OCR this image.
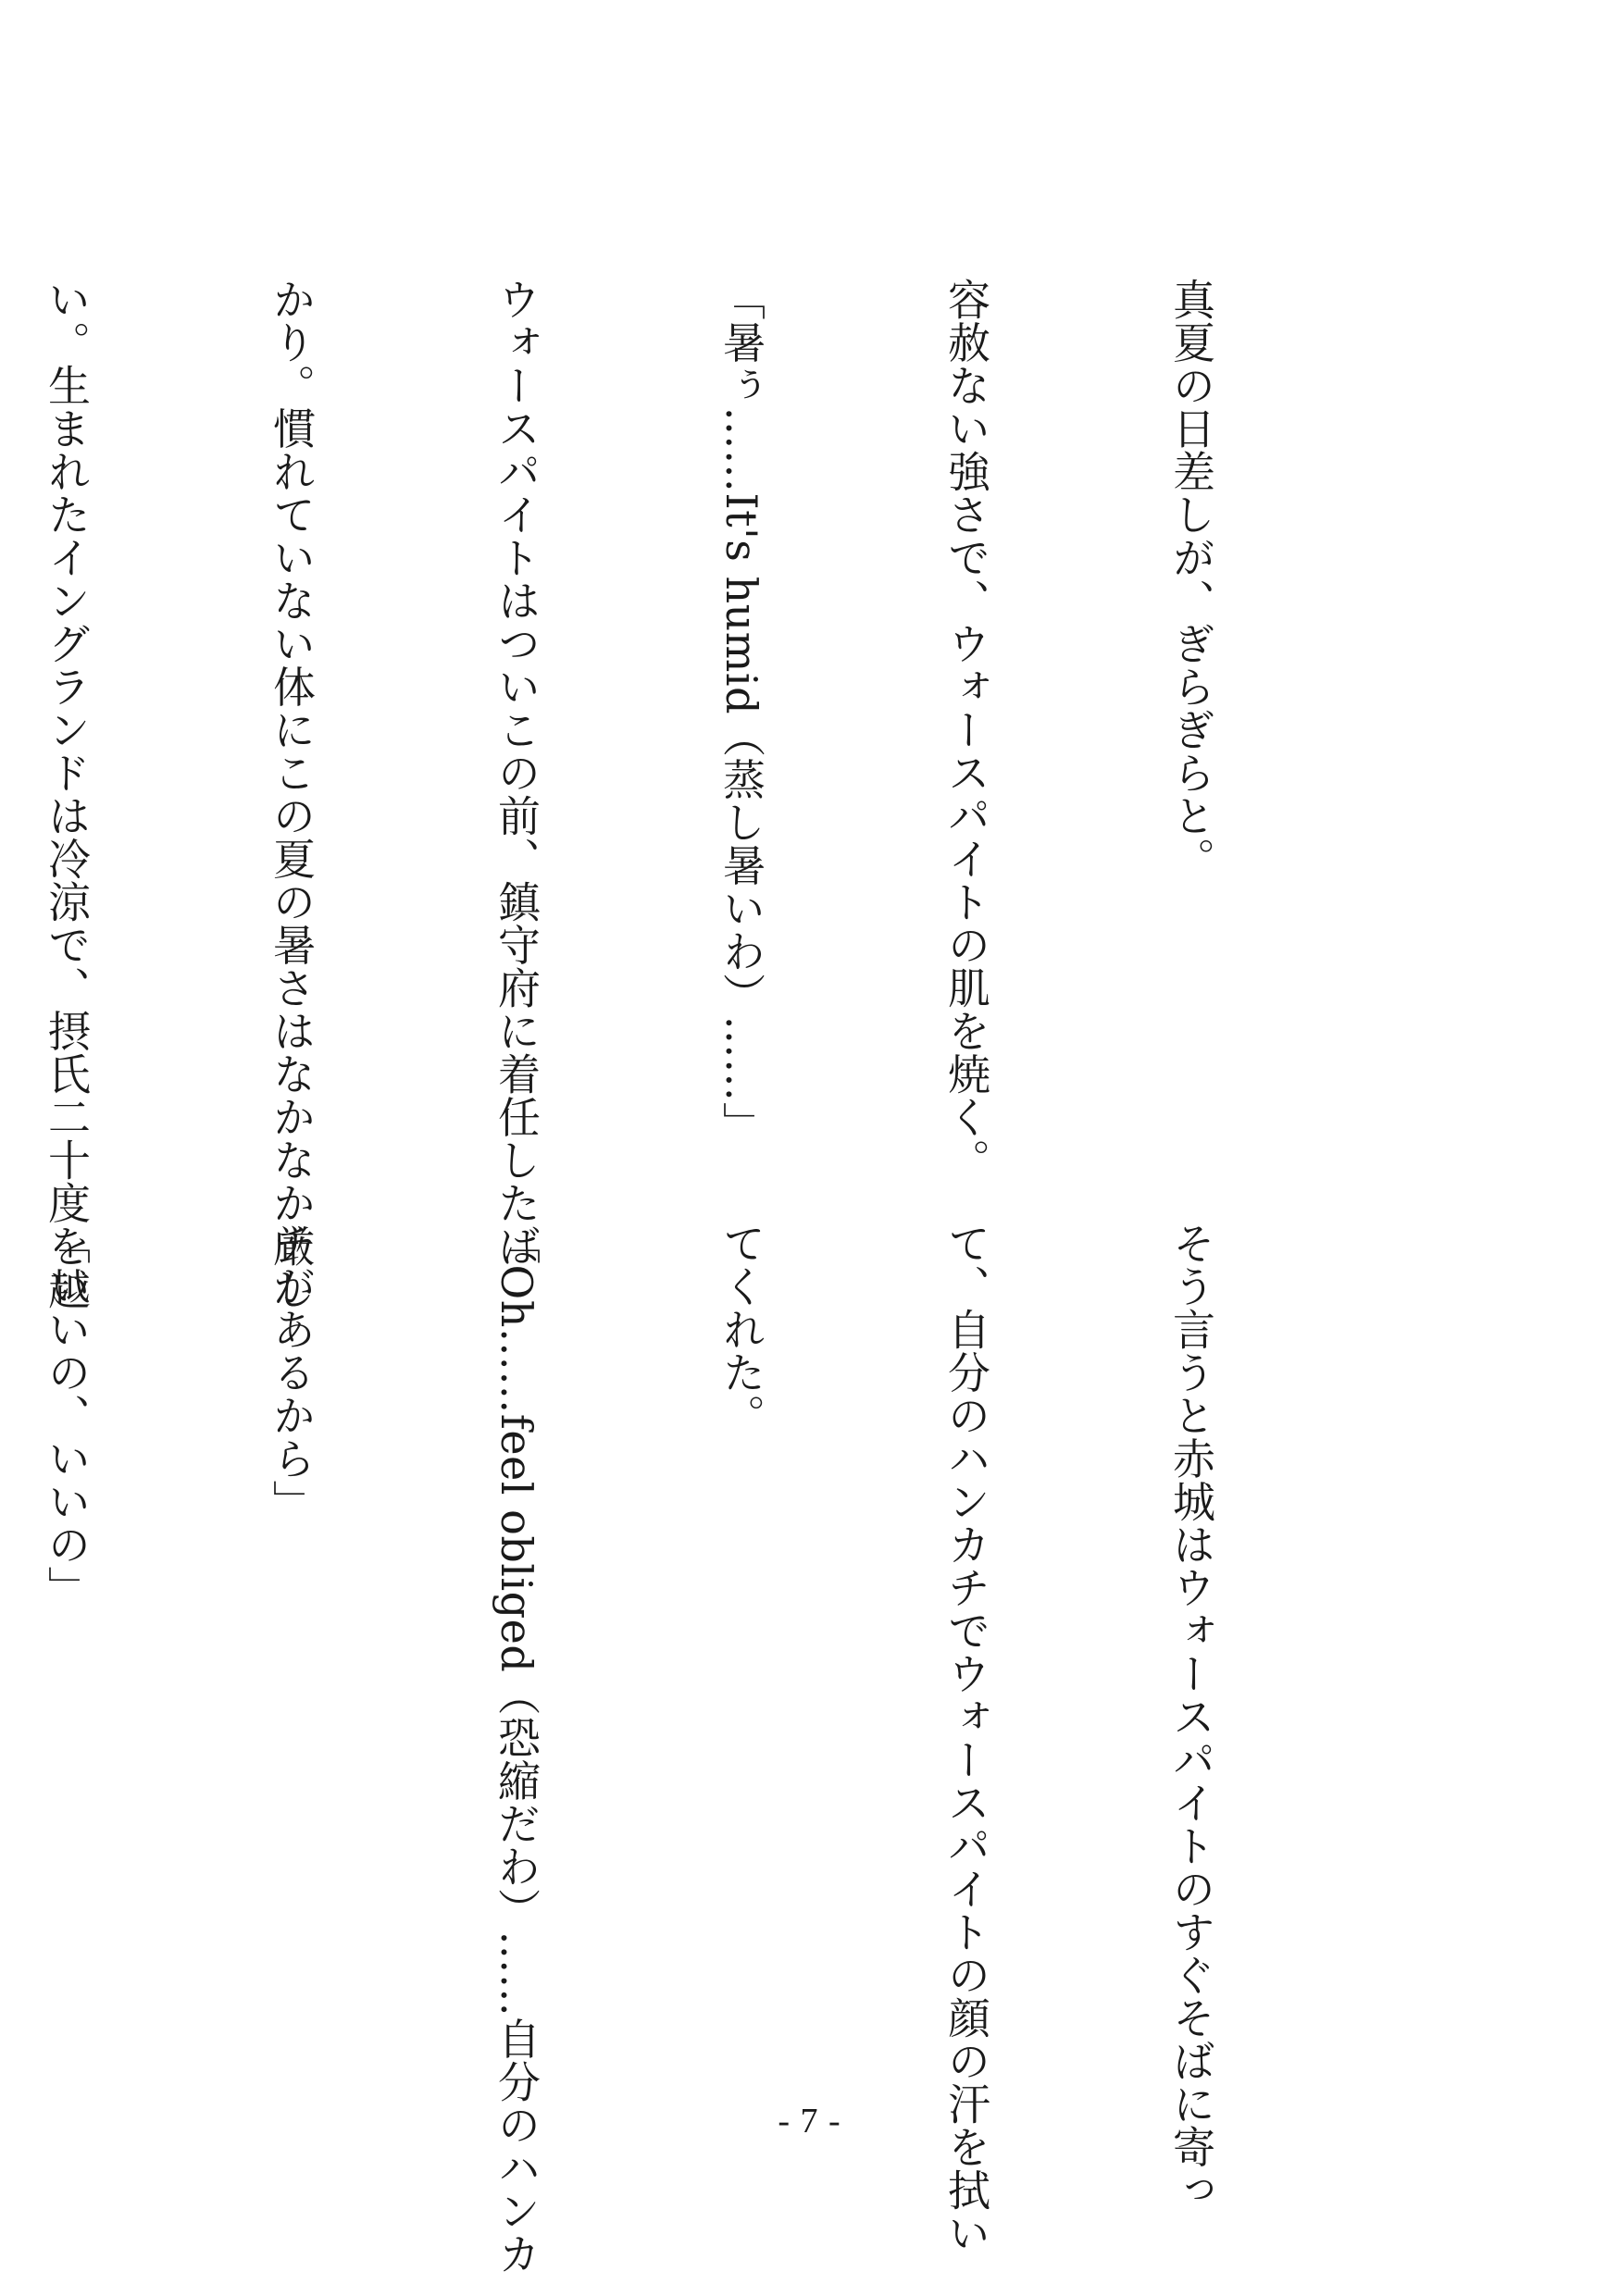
真夏の日差しが、ぎらぎらと。

容赦ない強さで、ウォースパイトの肌を焼く。

「暑ぅ……It's humid（蒸し暑いわ）……」

ウォースパイトはついこの前、鎮守府に着任したば

かり。慣れていない体にこの夏の暑さはなかなか厳し

い。生まれたイングランドは冷涼で、摂氏二十度を越

そう言うと赤城はウォースパイトのすぐそばに寄っ

て、自分のハンカチでウォースパイトの顔の汗を拭い

てくれた。

「Oh……feel obliged（恐縮だわ）……自分のハンカ

チがあるから」

「いいの、いいの」

- 7 -
